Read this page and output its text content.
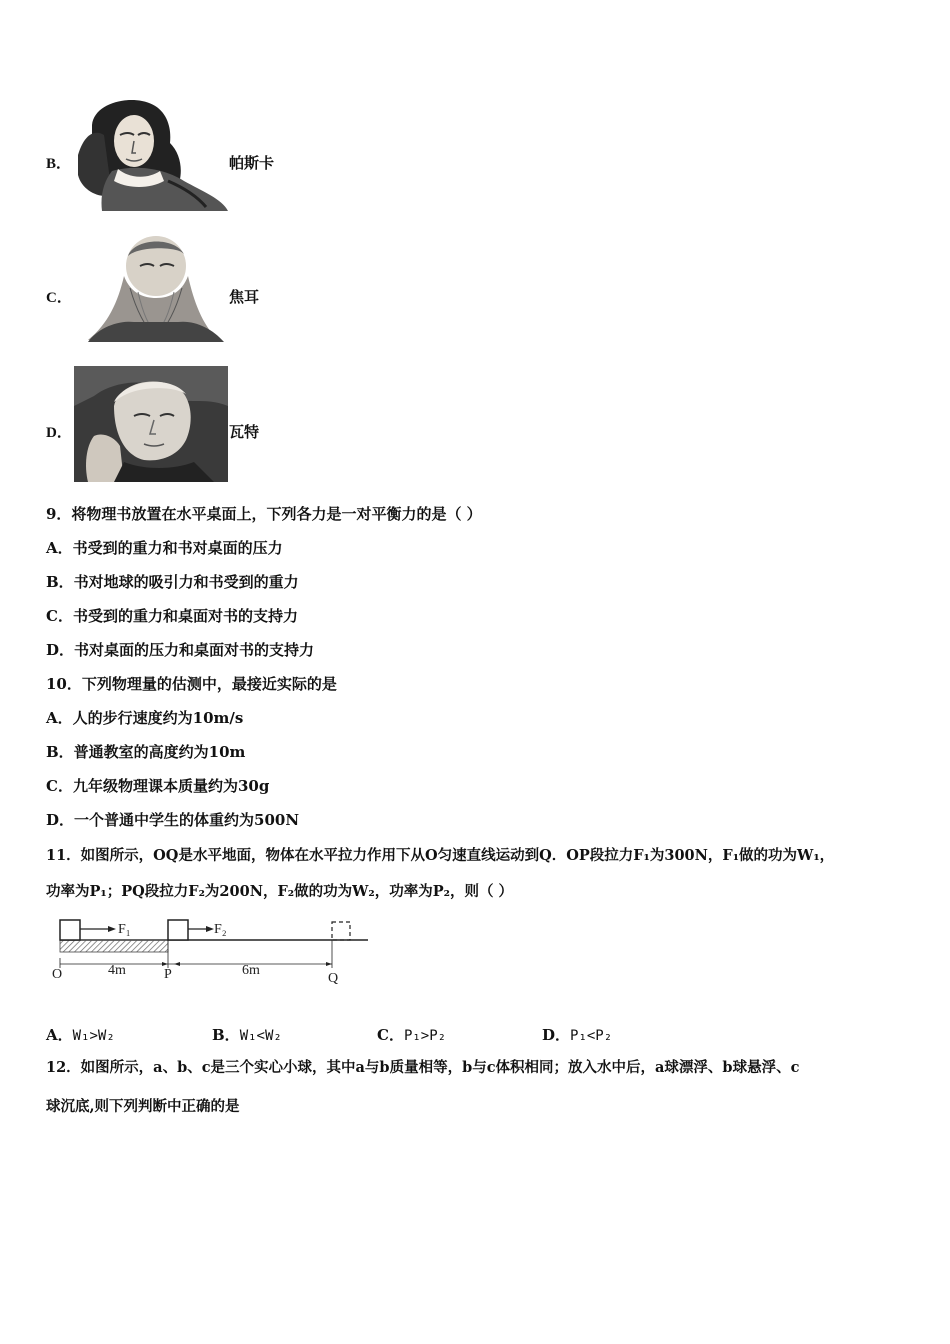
B．	帕斯卡
C．	焦耳
D．	瓦特
9．将物理书放置在水平桌面上，下列各力是一对平衡力的是（ ）
A．书受到的重力和书对桌面的压力
B．书对地球的吸引力和书受到的重力
C．书受到的重力和桌面对书的支持力
D．书对桌面的压力和桌面对书的支持力
10．下列物理量的估测中，最接近实际的是
A．人的步行速度约为10m/s
B．普通教室的高度约为10m
C．九年级物理课本质量约为30g
D．一个普通中学生的体重约为500N
11．如图所示，OQ是水平地面，物体在水平拉力作用下从O匀速直线运动到Q．OP段拉力F₁为300N，F₁做的功为W₁，
功率为P₁；PQ段拉力F₂为200N，F₂做的功为W₂，功率为P₂，则（ ）
F₁	F₂
O	4m	P	6m
Q
A．W₁>W₂	B．W₁<W₂	C．P₁>P₂	D．P₁<P₂
12．如图所示，a、b、c是三个实心小球，其中a与b质量相等，b与c体积相同；放入水中后，a球漂浮、b球悬浮、c
球沉底,则下列判断中正确的是
